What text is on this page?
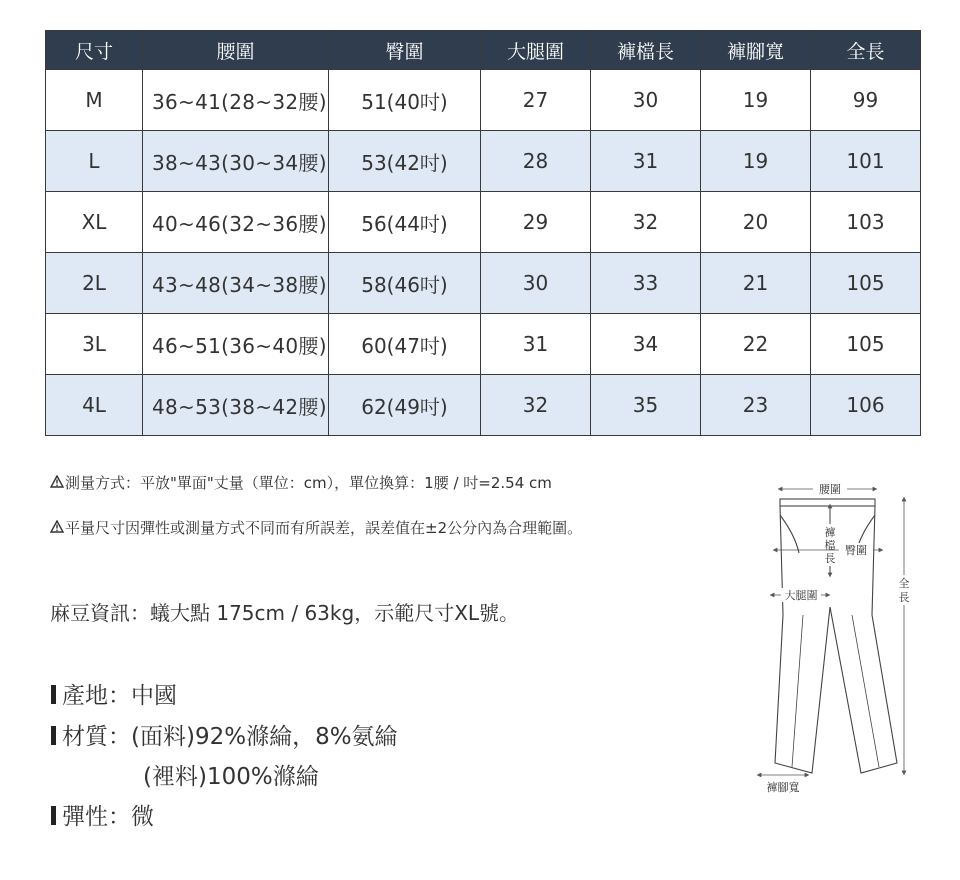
尺寸	腰圍	臀圍	大腿圍	褲檔長	褲腳寬	全長
M	36~41(28~32腰)	51(40吋)	27	30	19	99
L	38~43(30~34腰)	53(42吋)	28	31	19	101
XL	40~46(32~36腰)	56(44吋)	29	32	20	103
2L	43~48(34~38腰)	58(46吋)	30	33	21	105
3L	46~51(36~40腰)	60(47吋)	31	34	22	105
4L	48~53(38~42腰)	62(49吋)	32	35	23	106
測量方式：平放"單面"丈量（單位：cm），單位換算：1腰 / 吋=2.54 cm
平量尺寸因彈性或測量方式不同而有所誤差，誤差值在±2公分內為合理範圍。
麻豆資訊：蟻大點 175cm / 63kg，示範尺寸XL號。
產地：中國
材質：(面料)92%滌綸，8%氨綸
(裡料)100%滌綸
彈性：微
腰圍
褲
檔
長
臀圍
大腿圍
全
長
褲腳寬
